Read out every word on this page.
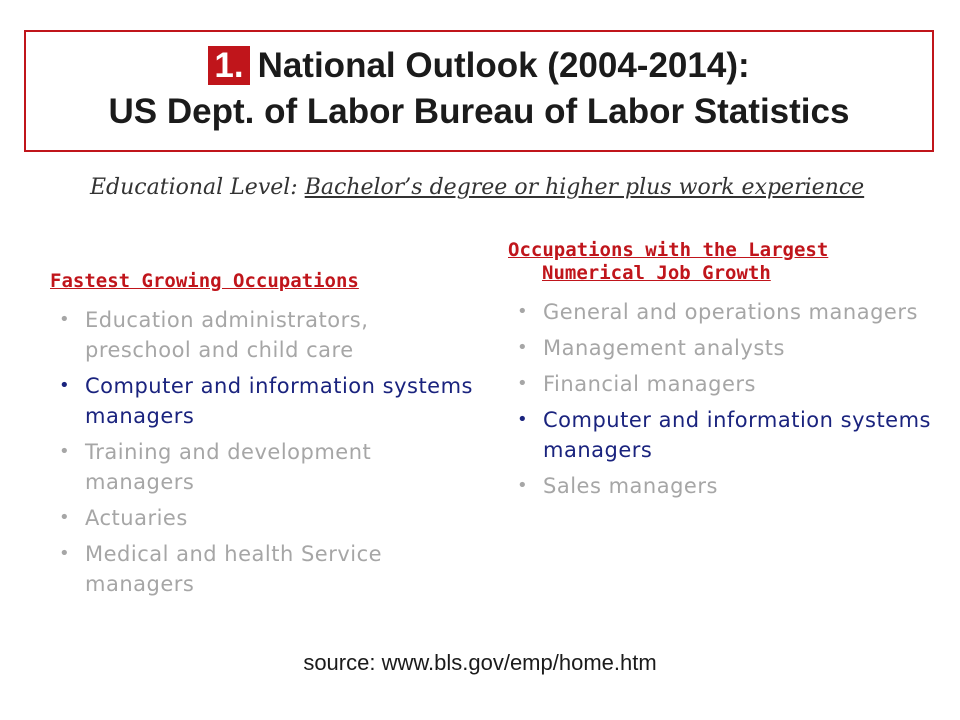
1. National Outlook (2004-2014):
US Dept. of Labor Bureau of Labor Statistics
Educational Level: Bachelor’s degree or higher plus work experience
Fastest Growing Occupations
• Education administrators, preschool and child care
• Computer and information systems managers
• Training and development managers
• Actuaries
• Medical and health Service managers
Occupations with the Largest
Numerical Job Growth
• General and operations managers
• Management analysts
• Financial managers
• Computer and information systems managers
• Sales managers
source: www.bls.gov/emp/home.htm
